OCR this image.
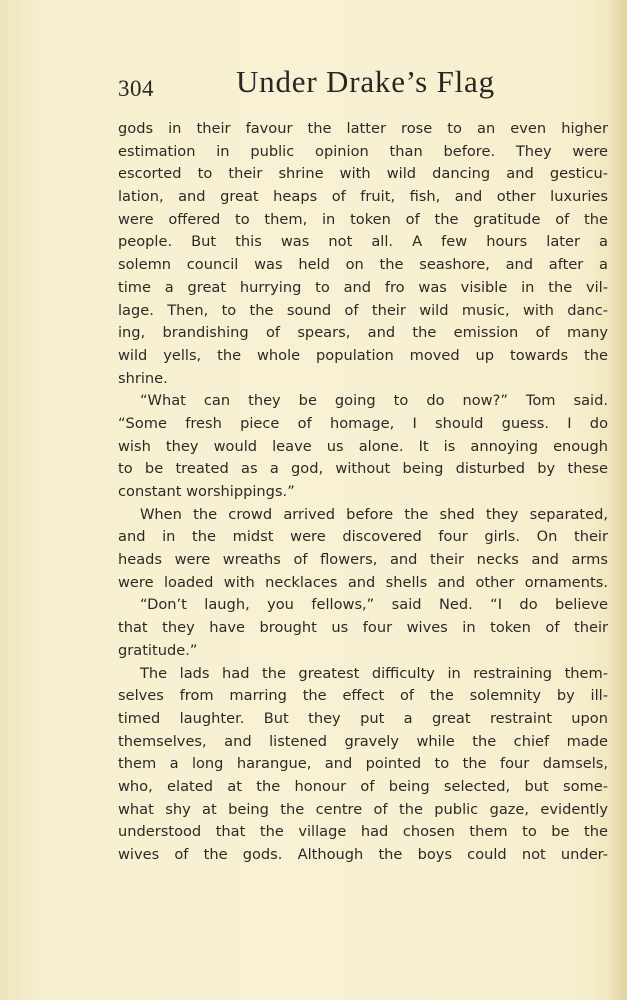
304	Under Drake’s Flag
gods in their favour the latter rose to an even higher
estimation in public opinion than before. They were
escorted to their shrine with wild dancing and gesticu-
lation, and great heaps of fruit, fish, and other luxuries
were offered to them, in token of the gratitude of the
people. But this was not all. A few hours later a
solemn council was held on the seashore, and after a
time a great hurrying to and fro was visible in the vil-
lage. Then, to the sound of their wild music, with danc-
ing, brandishing of spears, and the emission of many
wild yells, the whole population moved up towards the
shrine.
“What can they be going to do now?” Tom said.
“Some fresh piece of homage, I should guess. I do
wish they would leave us alone. It is annoying enough
to be treated as a god, without being disturbed by these
constant worshippings.”
When the crowd arrived before the shed they separated,
and in the midst were discovered four girls. On their
heads were wreaths of flowers, and their necks and arms
were loaded with necklaces and shells and other ornaments.
“Don’t laugh, you fellows,” said Ned. “I do believe
that they have brought us four wives in token of their
gratitude.”
The lads had the greatest difficulty in restraining them-
selves from marring the effect of the solemnity by ill-
timed laughter. But they put a great restraint upon
themselves, and listened gravely while the chief made
them a long harangue, and pointed to the four damsels,
who, elated at the honour of being selected, but some-
what shy at being the centre of the public gaze, evidently
understood that the village had chosen them to be the
wives of the gods. Although the boys could not under-
